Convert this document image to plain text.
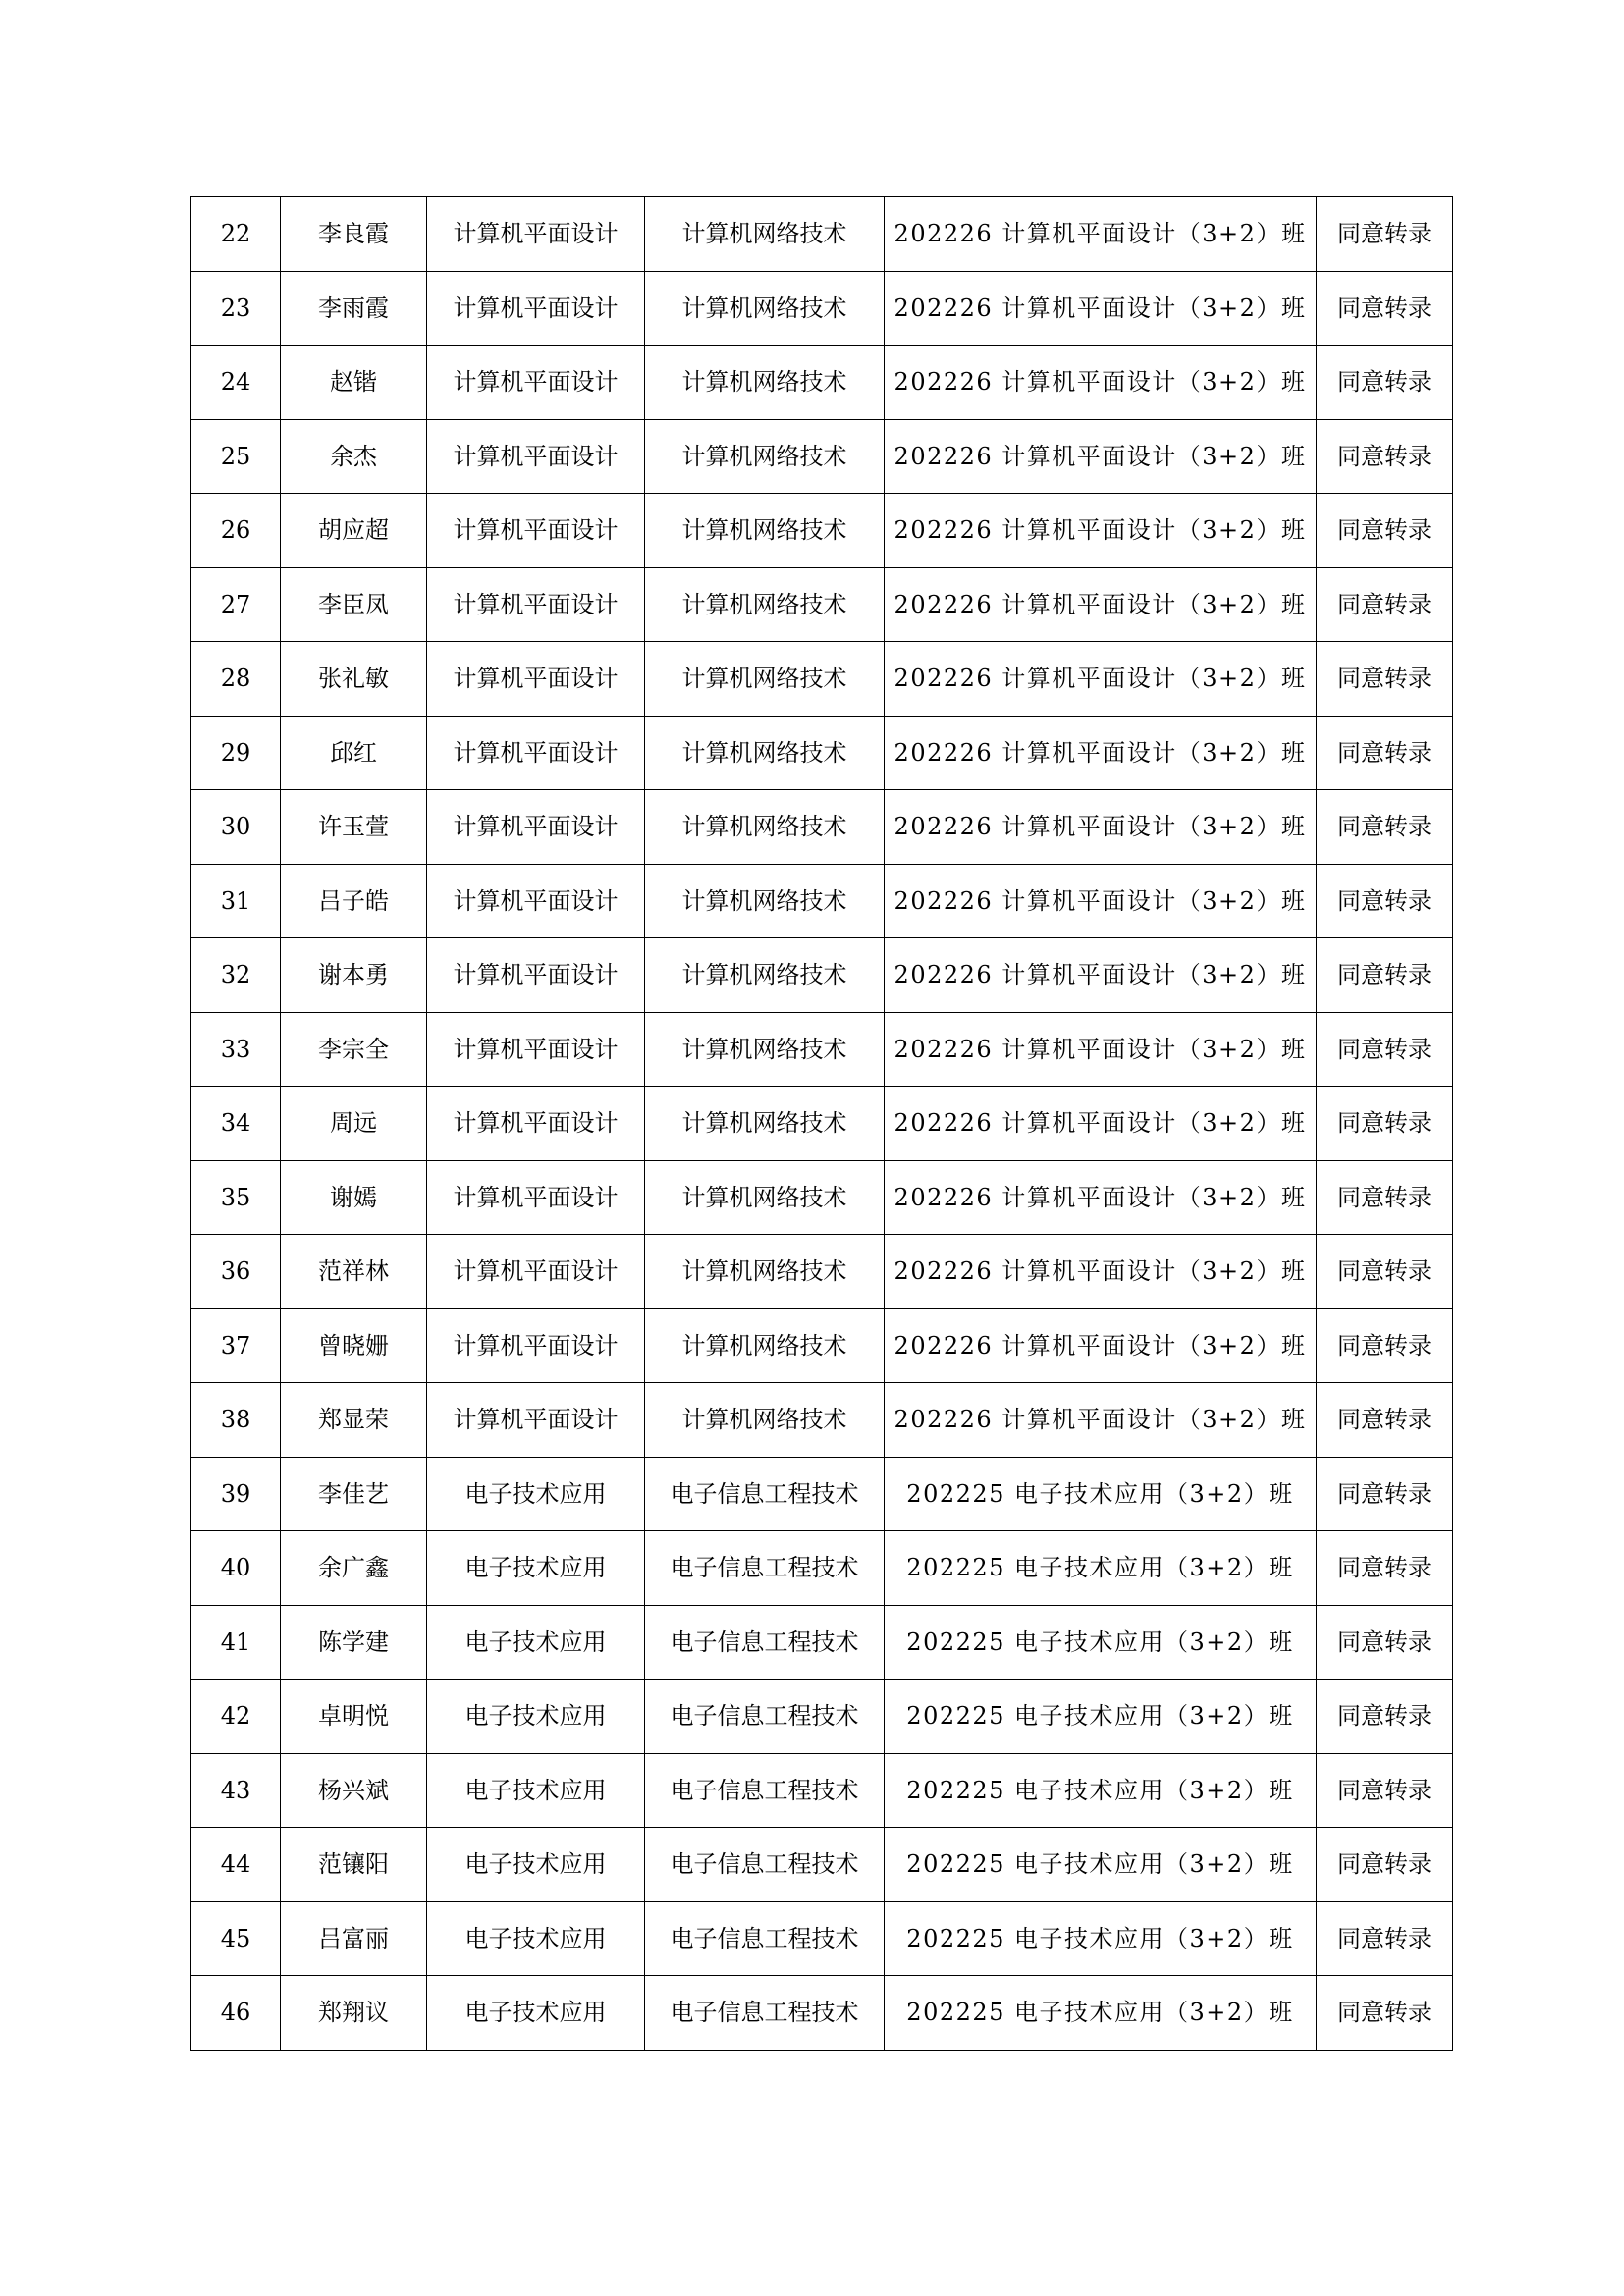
22	李良霞	计算机平面设计	计算机网络技术	202226 计算机平面设计（3+2）班	同意转录
23	李雨霞	计算机平面设计	计算机网络技术	202226 计算机平面设计（3+2）班	同意转录
24	赵锴	计算机平面设计	计算机网络技术	202226 计算机平面设计（3+2）班	同意转录
25	余杰	计算机平面设计	计算机网络技术	202226 计算机平面设计（3+2）班	同意转录
26	胡应超	计算机平面设计	计算机网络技术	202226 计算机平面设计（3+2）班	同意转录
27	李臣凤	计算机平面设计	计算机网络技术	202226 计算机平面设计（3+2）班	同意转录
28	张礼敏	计算机平面设计	计算机网络技术	202226 计算机平面设计（3+2）班	同意转录
29	邱红	计算机平面设计	计算机网络技术	202226 计算机平面设计（3+2）班	同意转录
30	许玉萱	计算机平面设计	计算机网络技术	202226 计算机平面设计（3+2）班	同意转录
31	吕子皓	计算机平面设计	计算机网络技术	202226 计算机平面设计（3+2）班	同意转录
32	谢本勇	计算机平面设计	计算机网络技术	202226 计算机平面设计（3+2）班	同意转录
33	李宗全	计算机平面设计	计算机网络技术	202226 计算机平面设计（3+2）班	同意转录
34	周远	计算机平面设计	计算机网络技术	202226 计算机平面设计（3+2）班	同意转录
35	谢嫣	计算机平面设计	计算机网络技术	202226 计算机平面设计（3+2）班	同意转录
36	范祥林	计算机平面设计	计算机网络技术	202226 计算机平面设计（3+2）班	同意转录
37	曾晓姗	计算机平面设计	计算机网络技术	202226 计算机平面设计（3+2）班	同意转录
38	郑显荣	计算机平面设计	计算机网络技术	202226 计算机平面设计（3+2）班	同意转录
39	李佳艺	电子技术应用	电子信息工程技术	202225 电子技术应用（3+2）班	同意转录
40	余广鑫	电子技术应用	电子信息工程技术	202225 电子技术应用（3+2）班	同意转录
41	陈学建	电子技术应用	电子信息工程技术	202225 电子技术应用（3+2）班	同意转录
42	卓明悦	电子技术应用	电子信息工程技术	202225 电子技术应用（3+2）班	同意转录
43	杨兴斌	电子技术应用	电子信息工程技术	202225 电子技术应用（3+2）班	同意转录
44	范镶阳	电子技术应用	电子信息工程技术	202225 电子技术应用（3+2）班	同意转录
45	吕富丽	电子技术应用	电子信息工程技术	202225 电子技术应用（3+2）班	同意转录
46	郑翔议	电子技术应用	电子信息工程技术	202225 电子技术应用（3+2）班	同意转录
